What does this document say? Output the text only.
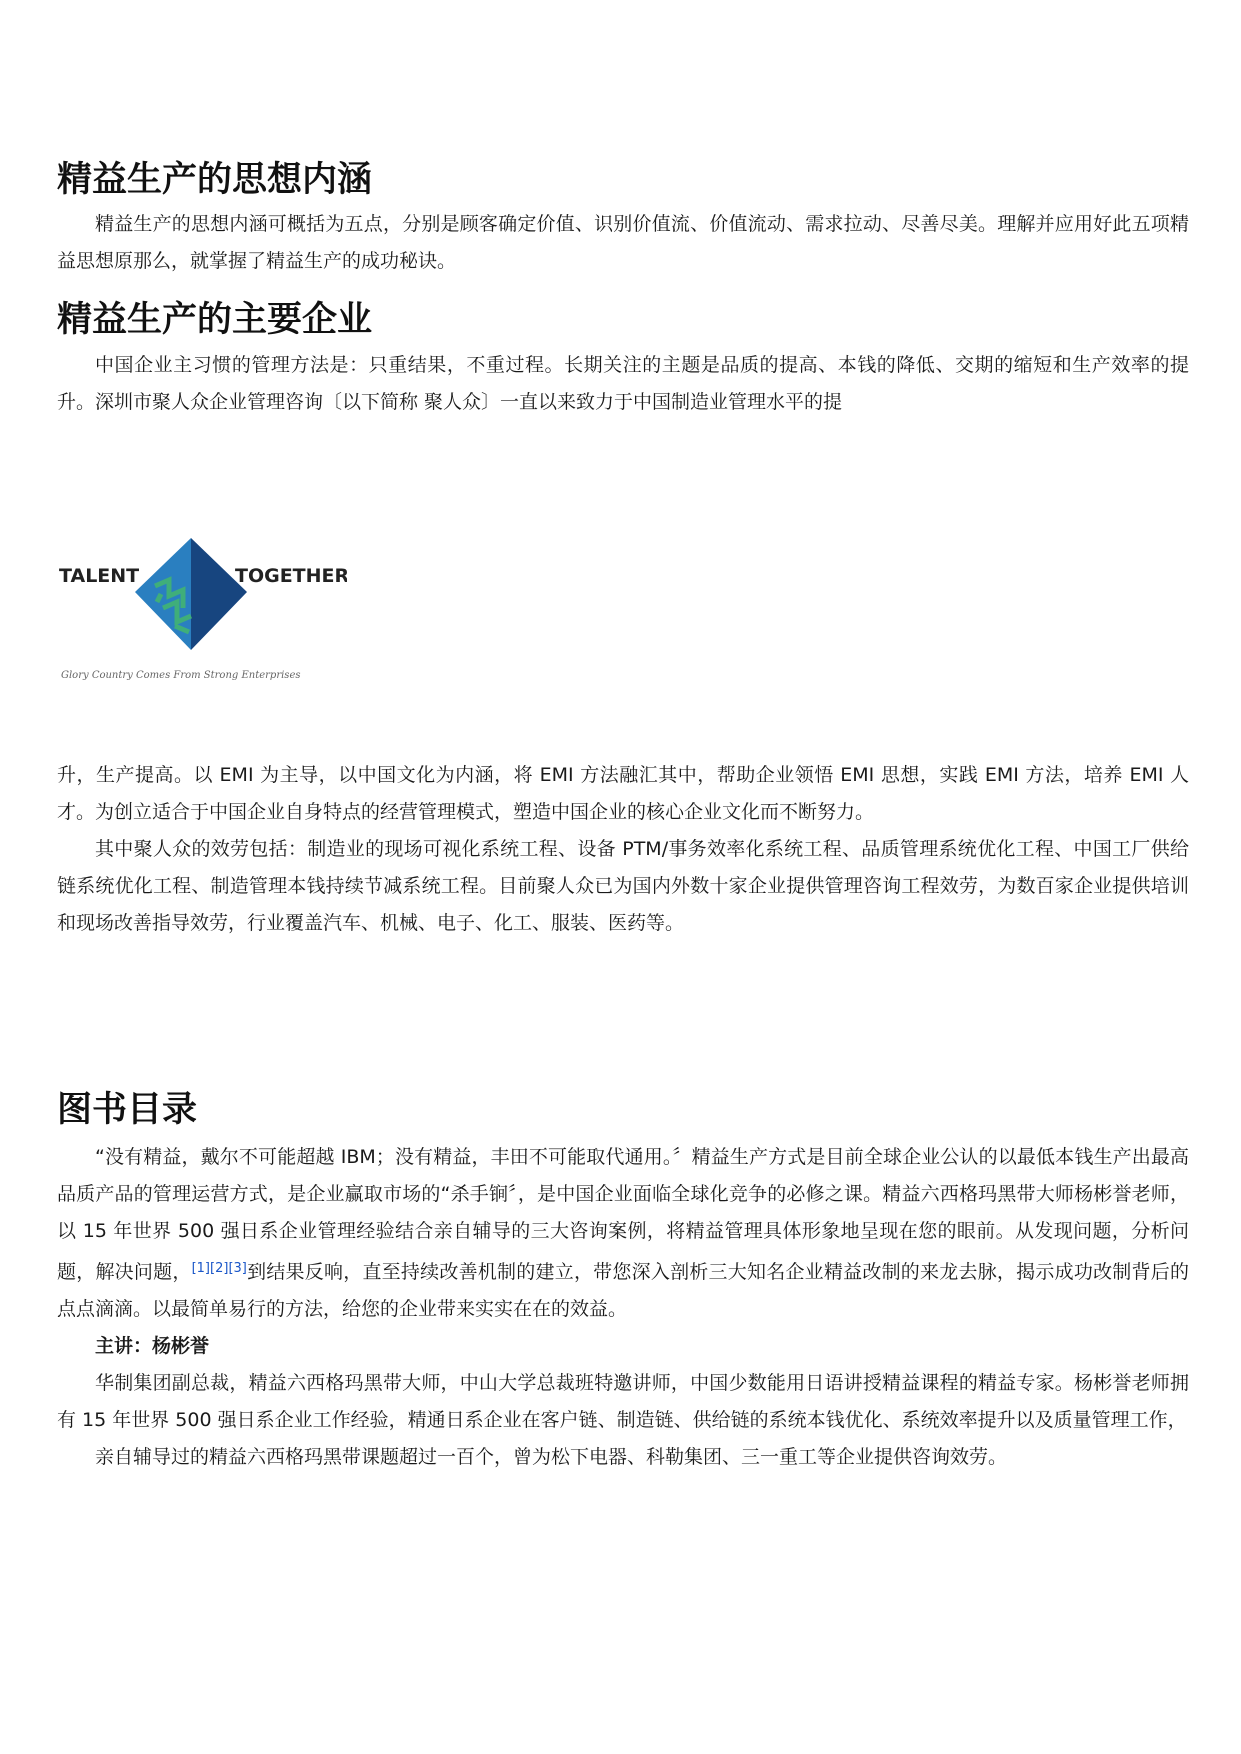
精益生产的思想内涵

精益生产的思想内涵可概括为五点，分别是顾客确定价值、识别价值流、价值流动、需求拉动、尽善尽美。理解并应用好此五项精益思想原那么，就掌握了精益生产的成功秘诀。

精益生产的主要企业

中国企业主习惯的管理方法是：只重结果，不重过程。长期关注的主题是品质的提高、本钱的降低、交期的缩短和生产效率的提升。深圳市聚人众企业管理咨询〔以下简称 聚人众〕一直以来致力于中国制造业管理水平的提

TALENT	TOGETHER
Glory Country Comes From Strong Enterprises

升，生产提高。以 EMI 为主导，以中国文化为内涵，将 EMI 方法融汇其中，帮助企业领悟 EMI 思想，实践 EMI 方法，培养 EMI 人才。为创立适合于中国企业自身特点的经营管理模式，塑造中国企业的核心企业文化而不断努力。

其中聚人众的效劳包括：制造业的现场可视化系统工程、设备 PTM/事务效率化系统工程、品质管理系统优化工程、中国工厂供给链系统优化工程、制造管理本钱持续节减系统工程。目前聚人众已为国内外数十家企业提供管理咨询工程效劳，为数百家企业提供培训和现场改善指导效劳，行业覆盖汽车、机械、电子、化工、服装、医药等。

图书目录

“没有精益，戴尔不可能超越 IBM；没有精益，丰田不可能取代通用。〞精益生产方式是目前全球企业公认的以最低本钱生产出最高品质产品的管理运营方式，是企业赢取市场的“杀手锏〞，是中国企业面临全球化竞争的必修之课。精益六西格玛黑带大师杨彬誉老师，以 15 年世界 500 强日系企业管理经验结合亲自辅导的三大咨询案例，将精益管理具体形象地呈现在您的眼前。从发现问题，分析问题，解决问题，[1][2][3]到结果反响，直至持续改善机制的建立，带您深入剖析三大知名企业精益改制的来龙去脉，揭示成功改制背后的点点滴滴。以最简单易行的方法，给您的企业带来实实在在的效益。

主讲：杨彬誉

华制集团副总裁，精益六西格玛黑带大师，中山大学总裁班特邀讲师，中国少数能用日语讲授精益课程的精益专家。杨彬誉老师拥有 15 年世界 500 强日系企业工作经验，精通日系企业在客户链、制造链、供给链的系统本钱优化、系统效率提升以及质量管理工作，

亲自辅导过的精益六西格玛黑带课题超过一百个，曾为松下电器、科勒集团、三一重工等企业提供咨询效劳。
